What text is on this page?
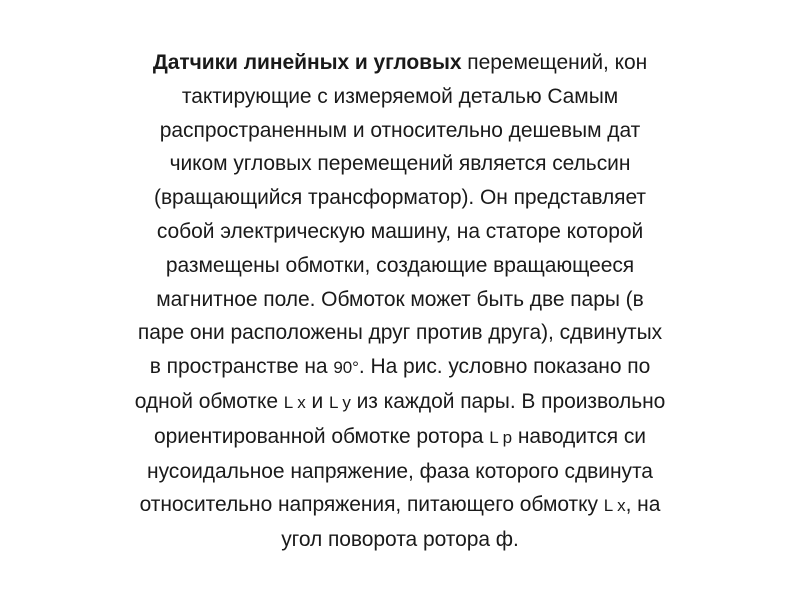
Датчики линейных и угловых перемещений, кон
тактирующие с измеряемой деталью Самым
распространенным и относительно дешевым дат
чиком угловых перемещений является сельсин
(вращающийся трансформатор). Он представляет
собой электрическую машину, на статоре которой
размещены обмотки, создающие вращающееся
магнитное поле. Обмоток может быть две пары (в
паре они расположены друг против друга), сдвинутых
в пространстве на 90°. На рис. условно показано по
одной обмотке L x и L y из каждой пары. В произвольно
ориентированной обмотке ротора L p наводится си
нусоидальное напряжение, фаза которого сдвинута
относительно напряжения, питающего обмотку L x, на
угол поворота ротора ф.
